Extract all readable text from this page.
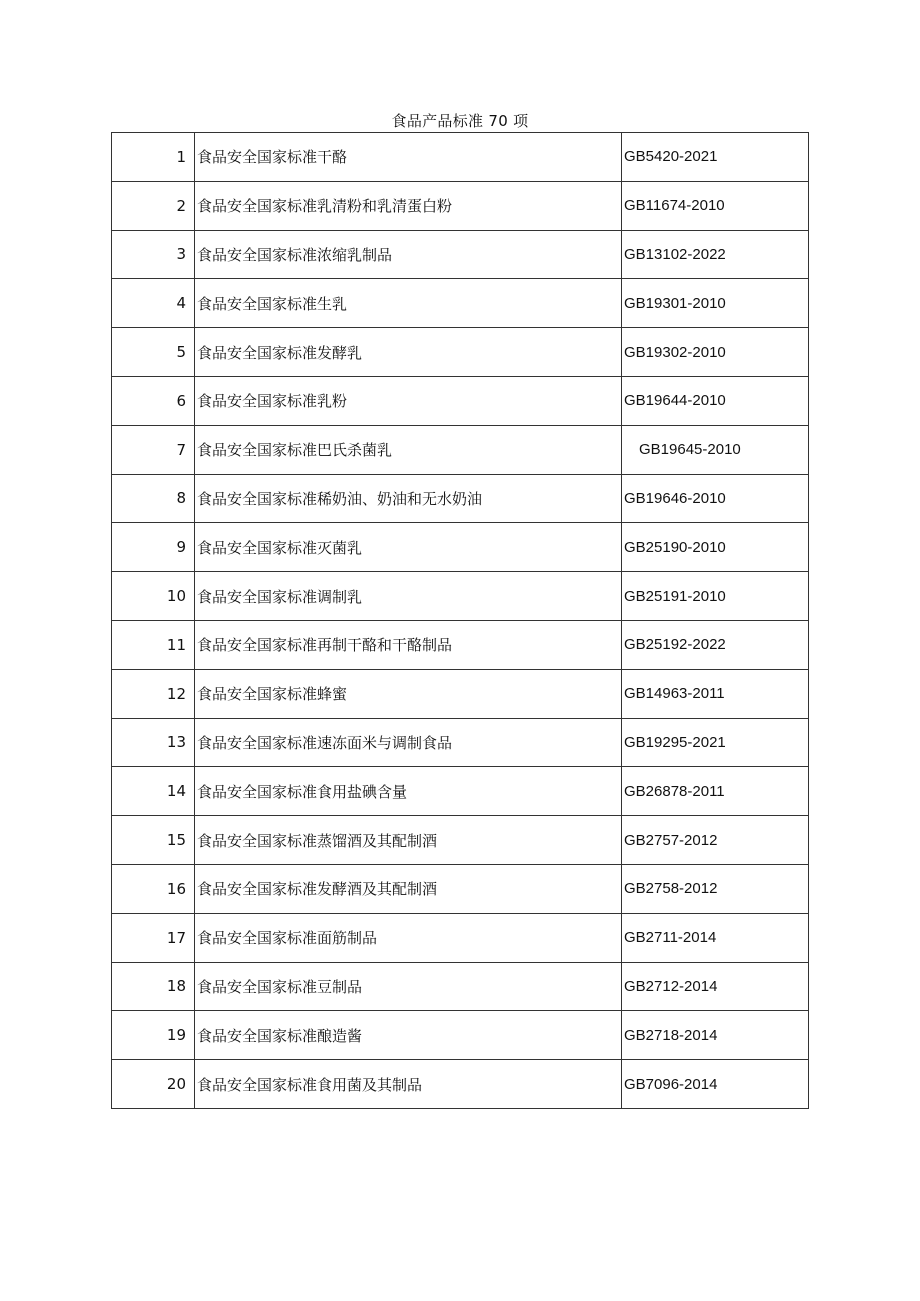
食品产品标准 70 项
1	食品安全国家标准干酪	GB5420-2021
2	食品安全国家标准乳清粉和乳清蛋白粉	GB11674-2010
3	食品安全国家标准浓缩乳制品	GB13102-2022
4	食品安全国家标准生乳	GB19301-2010
5	食品安全国家标准发酵乳	GB19302-2010
6	食品安全国家标准乳粉	GB19644-2010
7	食品安全国家标准巴氏杀菌乳	GB19645-2010
8	食品安全国家标准稀奶油、奶油和无水奶油	GB19646-2010
9	食品安全国家标准灭菌乳	GB25190-2010
10	食品安全国家标准调制乳	GB25191-2010
11	食品安全国家标准再制干酪和干酪制品	GB25192-2022
12	食品安全国家标准蜂蜜	GB14963-2011
13	食品安全国家标准速冻面米与调制食品	GB19295-2021
14	食品安全国家标准食用盐碘含量	GB26878-2011
15	食品安全国家标准蒸馏酒及其配制酒	GB2757-2012
16	食品安全国家标准发酵酒及其配制酒	GB2758-2012
17	食品安全国家标准面筋制品	GB2711-2014
18	食品安全国家标准豆制品	GB2712-2014
19	食品安全国家标准酿造酱	GB2718-2014
20	食品安全国家标准食用菌及其制品	GB7096-2014
